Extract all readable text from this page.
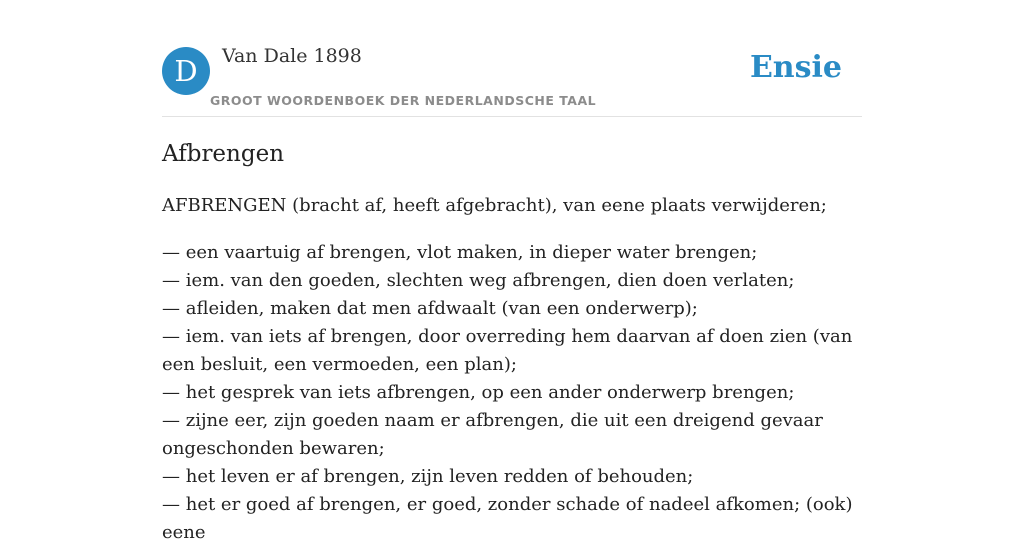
D	Van Dale 1898
GROOT WOORDENBOEK DER NEDERLANDSCHE TAAL
Ensie
Afbrengen

AFBRENGEN (bracht af, heeft afgebracht), van eene plaats verwijderen;

— een vaartuig af brengen, vlot maken, in dieper water brengen;
— iem. van den goeden, slechten weg afbrengen, dien doen verlaten;
— afleiden, maken dat men afdwaalt (van een onderwerp);
— iem. van iets af brengen, door overreding hem daarvan af doen zien (van een besluit, een vermoeden, een plan);
— het gesprek van iets afbrengen, op een ander onderwerp brengen;
— zijne eer, zijn goeden naam er afbrengen, die uit een dreigend gevaar ongeschonden bewaren;
— het leven er af brengen, zijn leven redden of behouden;
— het er goed af brengen, er goed, zonder schade of nadeel afkomen; (ook) eene
